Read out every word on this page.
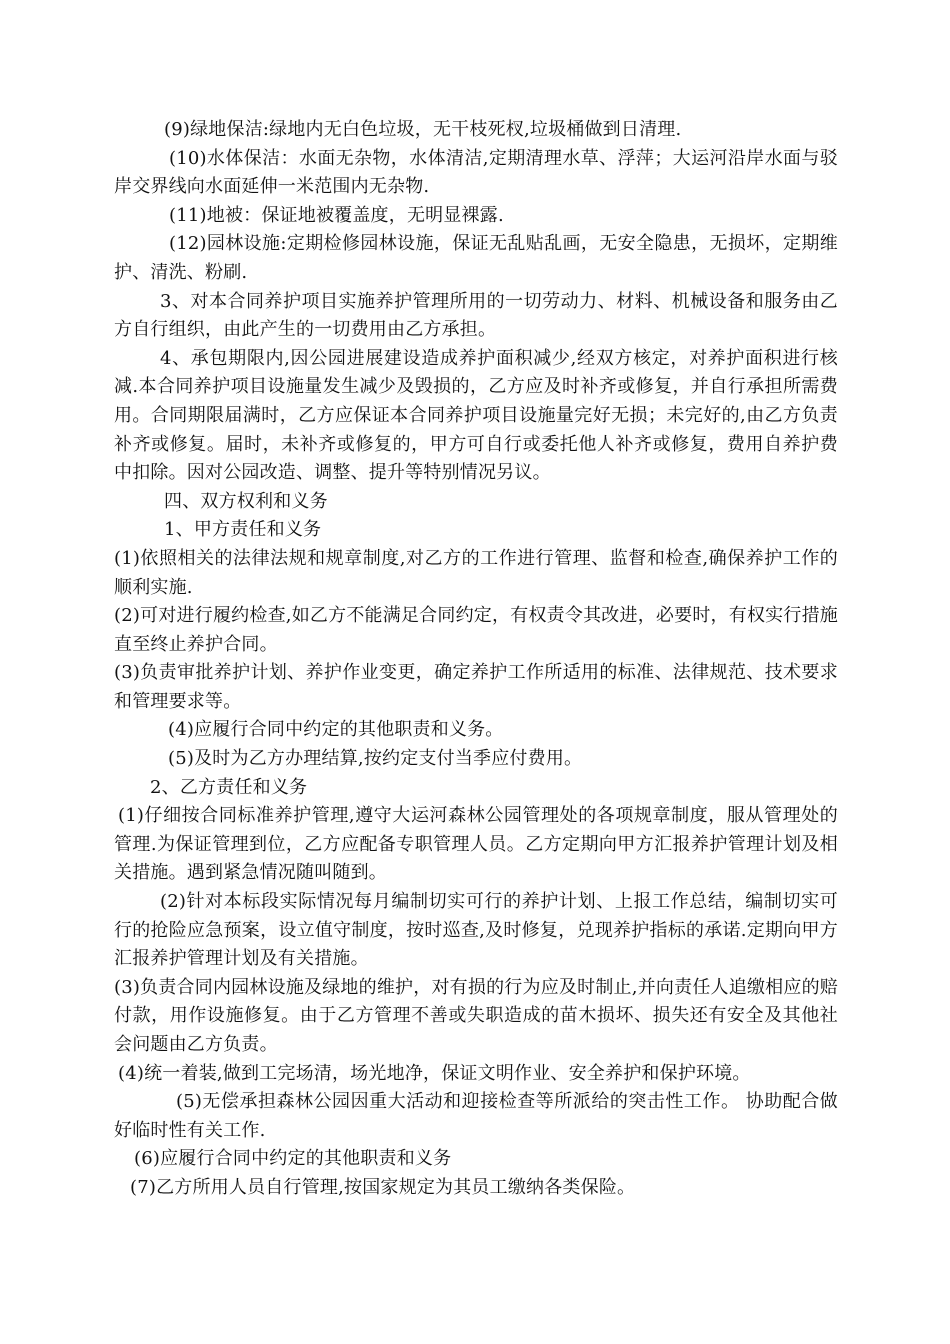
(9)绿地保洁:绿地内无白色垃圾，无干枝死杈,垃圾桶做到日清理.

(10)水体保洁：水面无杂物，水体清洁,定期清理水草、浮萍；大运河沿岸水面与驳岸交界线向水面延伸一米范围内无杂物.

(11)地被：保证地被覆盖度，无明显裸露.

(12)园林设施:定期检修园林设施，保证无乱贴乱画，无安全隐患，无损坏，定期维护、清洗、粉刷.

3、对本合同养护项目实施养护管理所用的一切劳动力、材料、机械设备和服务由乙方自行组织，由此产生的一切费用由乙方承担。

4、承包期限内,因公园进展建设造成养护面积减少,经双方核定，对养护面积进行核减.本合同养护项目设施量发生减少及毁损的，乙方应及时补齐或修复，并自行承担所需费用。合同期限届满时，乙方应保证本合同养护项目设施量完好无损；未完好的,由乙方负责补齐或修复。届时，未补齐或修复的，甲方可自行或委托他人补齐或修复，费用自养护费中扣除。因对公园改造、调整、提升等特别情况另议。

四、双方权利和义务

1、甲方责任和义务

(1)依照相关的法律法规和规章制度,对乙方的工作进行管理、监督和检查,确保养护工作的顺利实施.

(2)可对进行履约检查,如乙方不能满足合同约定，有权责令其改进，必要时，有权实行措施直至终止养护合同。

(3)负责审批养护计划、养护作业变更，确定养护工作所适用的标准、法律规范、技术要求和管理要求等。

(4)应履行合同中约定的其他职责和义务。

(5)及时为乙方办理结算,按约定支付当季应付费用。

2、乙方责任和义务

(1)仔细按合同标准养护管理,遵守大运河森林公园管理处的各项规章制度，服从管理处的管理.为保证管理到位，乙方应配备专职管理人员。乙方定期向甲方汇报养护管理计划及相关措施。遇到紧急情况随叫随到。

(2)针对本标段实际情况每月编制切实可行的养护计划、上报工作总结，编制切实可行的抢险应急预案，设立值守制度，按时巡查,及时修复，兑现养护指标的承诺.定期向甲方汇报养护管理计划及有关措施。

(3)负责合同内园林设施及绿地的维护，对有损的行为应及时制止,并向责任人追缴相应的赔付款，用作设施修复。由于乙方管理不善或失职造成的苗木损坏、损失还有安全及其他社会问题由乙方负责。

(4)统一着装,做到工完场清，场光地净，保证文明作业、安全养护和保护环境。

(5)无偿承担森林公园因重大活动和迎接检查等所派给的突击性工作。 协助配合做好临时性有关工作.

(6)应履行合同中约定的其他职责和义务

(7)乙方所用人员自行管理,按国家规定为其员工缴纳各类保险。
